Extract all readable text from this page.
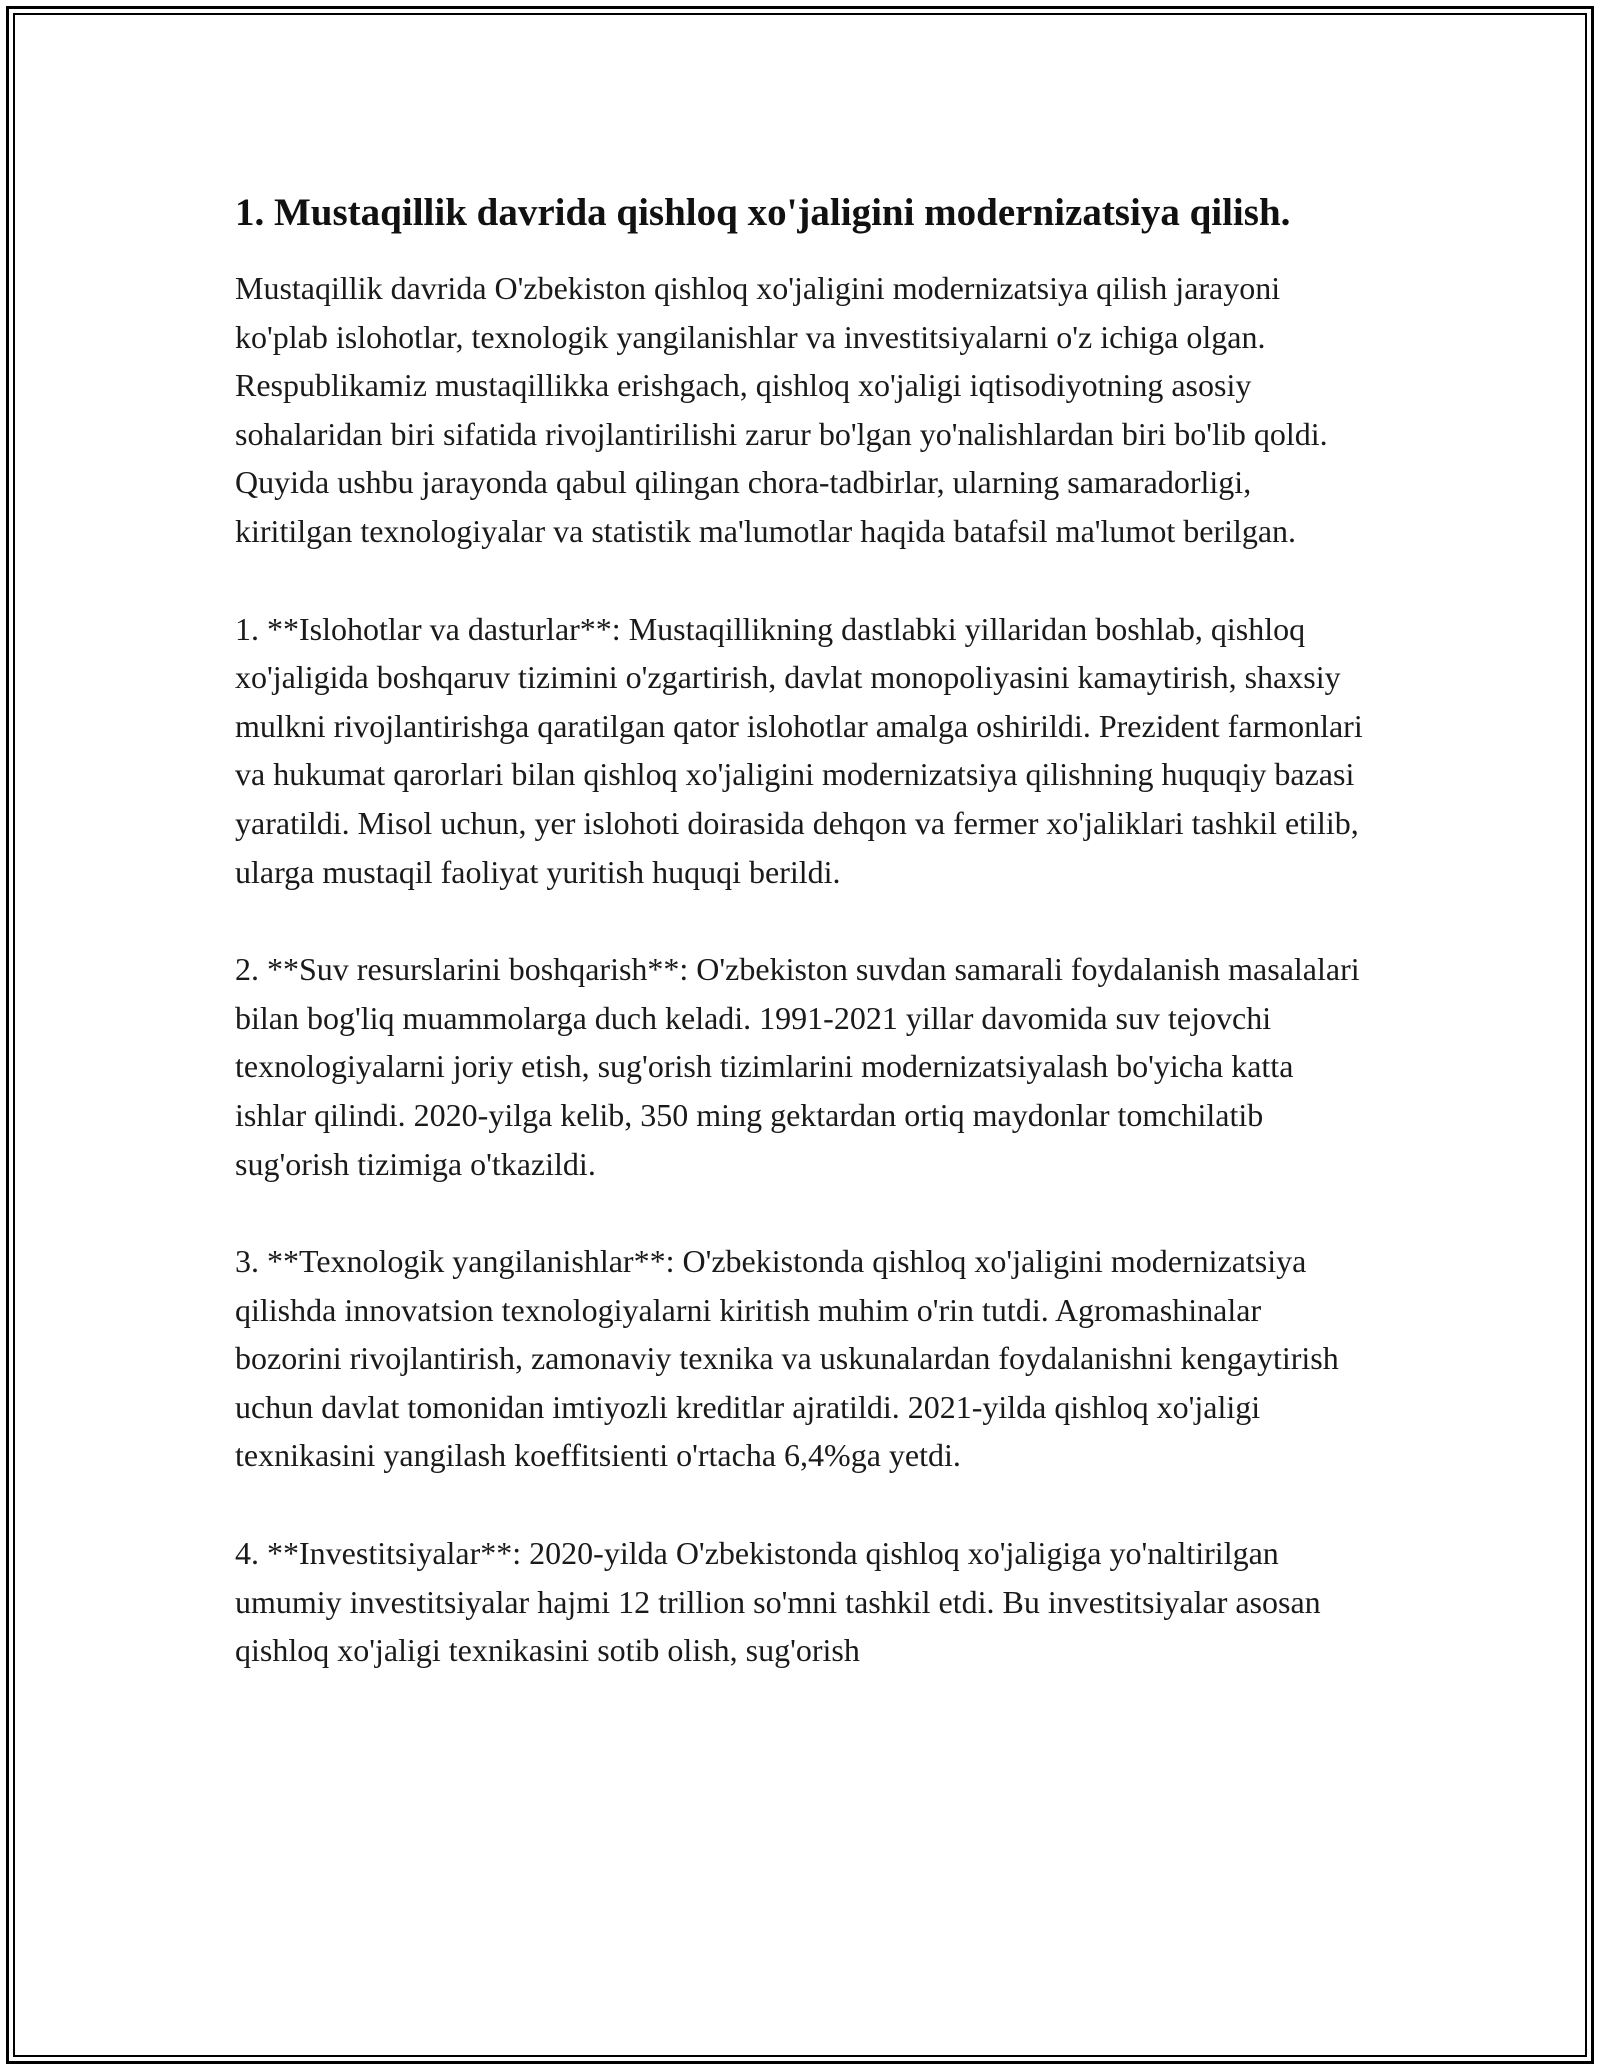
1. Mustaqillik davrida qishloq xo'jaligini modernizatsiya qilish.

Mustaqillik davrida O'zbekiston qishloq xo'jaligini modernizatsiya qilish jarayoni ko'plab islohotlar, texnologik yangilanishlar va investitsiyalarni o'z ichiga olgan. Respublikamiz mustaqillikka erishgach, qishloq xo'jaligi iqtisodiyotning asosiy sohalaridan biri sifatida rivojlantirilishi zarur bo'lgan yo'nalishlardan biri bo'lib qoldi. Quyida ushbu jarayonda qabul qilingan chora-tadbirlar, ularning samaradorligi, kiritilgan texnologiyalar va statistik ma'lumotlar haqida batafsil ma'lumot berilgan.

1. **Islohotlar va dasturlar**: Mustaqillikning dastlabki yillaridan boshlab, qishloq xo'jaligida boshqaruv tizimini o'zgartirish, davlat monopoliyasini kamaytirish, shaxsiy mulkni rivojlantirishga qaratilgan qator islohotlar amalga oshirildi. Prezident farmonlari va hukumat qarorlari bilan qishloq xo'jaligini modernizatsiya qilishning huquqiy bazasi yaratildi. Misol uchun, yer islohoti doirasida dehqon va fermer xo'jaliklari tashkil etilib, ularga mustaqil faoliyat yuritish huquqi berildi.

2. **Suv resurslarini boshqarish**: O'zbekiston suvdan samarali foydalanish masalalari bilan bog'liq muammolarga duch keladi. 1991-2021 yillar davomida suv tejovchi texnologiyalarni joriy etish, sug'orish tizimlarini modernizatsiyalash bo'yicha katta ishlar qilindi. 2020-yilga kelib, 350 ming gektardan ortiq maydonlar tomchilatib sug'orish tizimiga o'tkazildi.

3. **Texnologik yangilanishlar**: O'zbekistonda qishloq xo'jaligini modernizatsiya qilishda innovatsion texnologiyalarni kiritish muhim o'rin tutdi. Agromashinalar bozorini rivojlantirish, zamonaviy texnika va uskunalardan foydalanishni kengaytirish uchun davlat tomonidan imtiyozli kreditlar ajratildi. 2021-yilda qishloq xo'jaligi texnikasini yangilash koeffitsienti o'rtacha 6,4%ga yetdi.

4. **Investitsiyalar**: 2020-yilda O'zbekistonda qishloq xo'jaligiga yo'naltirilgan umumiy investitsiyalar hajmi 12 trillion so'mni tashkil etdi. Bu investitsiyalar asosan qishloq xo'jaligi texnikasini sotib olish, sug'orish
